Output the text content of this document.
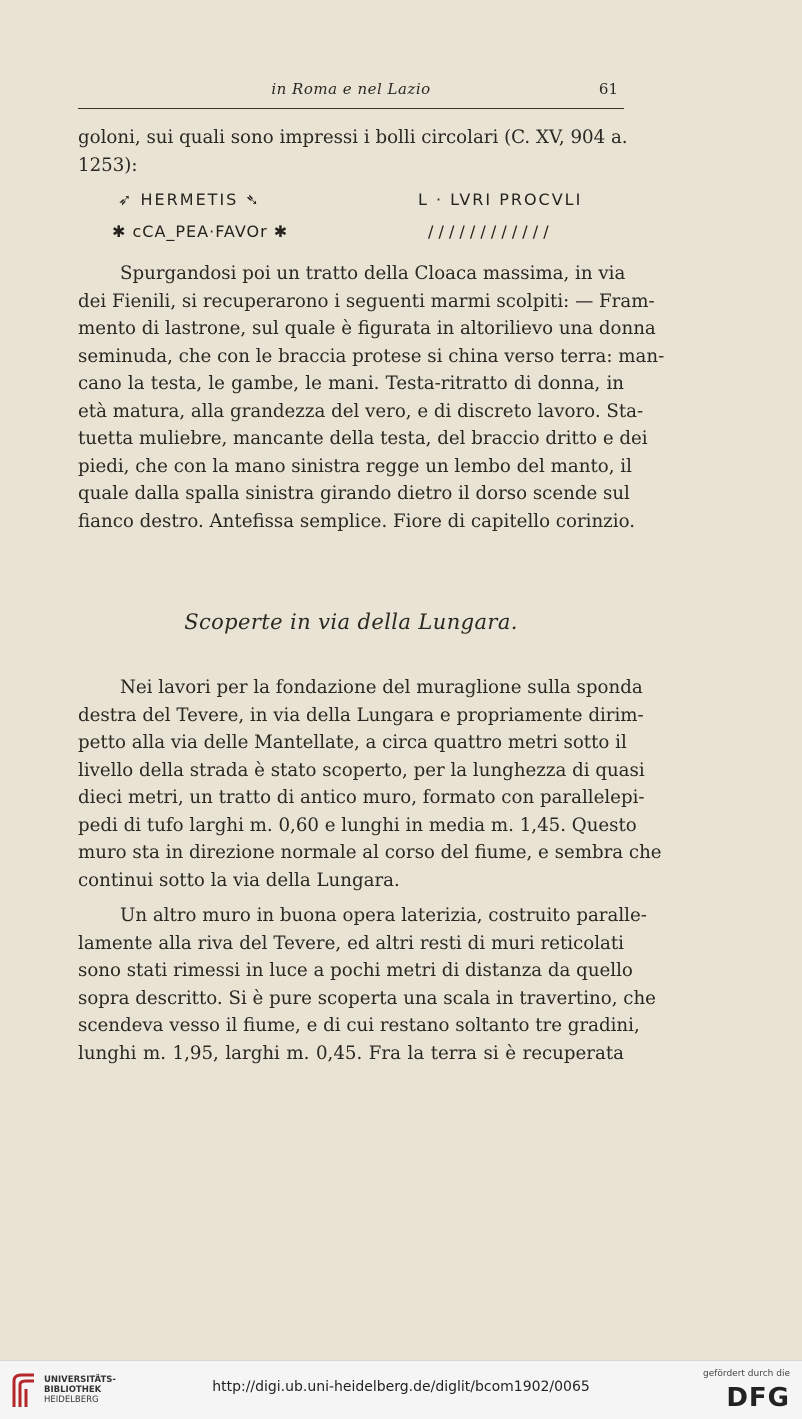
in Roma e nel Lazio	61
goloni, sui quali sono impressi i bolli circolari (C. XV, 904 a.
1253):
➶ HERMETIS ➴
✱ cCA_PEA·FAVOr ✱
L · LVRI PROCVLI
/ / / / / / / / / / / /
Spurgandosi poi un tratto della Cloaca massima, in via
dei Fienili, si recuperarono i seguenti marmi scolpiti: — Fram-
mento di lastrone, sul quale è figurata in altorilievo una donna
seminuda, che con le braccia protese si china verso terra: man-
cano la testa, le gambe, le mani. Testa-ritratto di donna, in
età matura, alla grandezza del vero, e di discreto lavoro. Sta-
tuetta muliebre, mancante della testa, del braccio dritto e dei
piedi, che con la mano sinistra regge un lembo del manto, il
quale dalla spalla sinistra girando dietro il dorso scende sul
fianco destro. Antefissa semplice. Fiore di capitello corinzio.
Scoperte in via della Lungara.
Nei lavori per la fondazione del muraglione sulla sponda
destra del Tevere, in via della Lungara e propriamente dirim-
petto alla via delle Mantellate, a circa quattro metri sotto il
livello della strada è stato scoperto, per la lunghezza di quasi
dieci metri, un tratto di antico muro, formato con parallelepi-
pedi di tufo larghi m. 0,60 e lunghi in media m. 1,45. Questo
muro sta in direzione normale al corso del fiume, e sembra che
continui sotto la via della Lungara.
Un altro muro in buona opera laterizia, costruito paralle-
lamente alla riva del Tevere, ed altri resti di muri reticolati
sono stati rimessi in luce a pochi metri di distanza da quello
sopra descritto. Si è pure scoperta una scala in travertino, che
scendeva vesso il fiume, e di cui restano soltanto tre gradini,
lunghi m. 1,95, larghi m. 0,45. Fra la terra si è recuperata
UNIVERSITÄTS-
BIBLIOTHEK
HEIDELBERG
http://digi.ub.uni-heidelberg.de/diglit/bcom1902/0065
gefördert durch die
DFG
